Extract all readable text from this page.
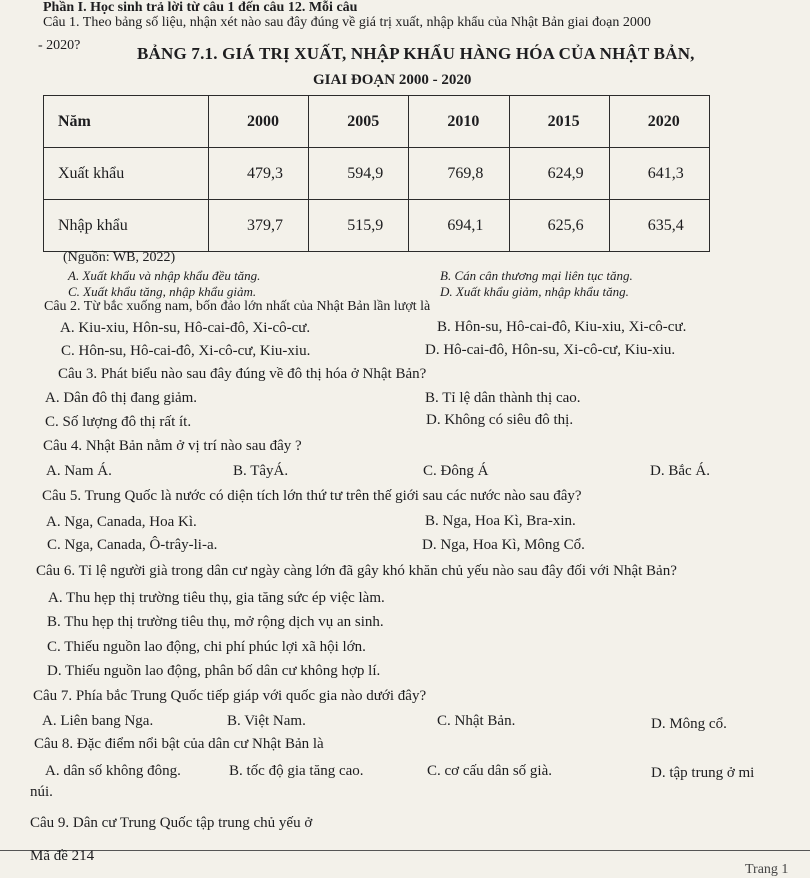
Phần I. Học sinh trả lời từ câu 1 đến câu 12. Mỗi câu
Câu 1. Theo bảng số liệu, nhận xét nào sau đây đúng về giá trị xuất, nhập khẩu của Nhật Bản giai đoạn 2000
- 2020?	BẢNG 7.1. GIÁ TRỊ XUẤT, NHẬP KHẨU HÀNG HÓA CỦA NHẬT BẢN,
GIAI ĐOẠN 2000 - 2020
Năm	2000	2005	2010	2015	2020
Xuất khẩu	479,3	594,9	769,8	624,9	641,3
Nhập khẩu	379,7	515,9	694,1	625,6	635,4
(Nguồn: WB, 2022)
A. Xuất khẩu và nhập khẩu đều tăng.	B. Cán cân thương mại liên tục tăng.
C. Xuất khẩu tăng, nhập khẩu giảm.	D. Xuất khẩu giảm, nhập khẩu tăng.
Câu 2. Từ bắc xuống nam, bốn đảo lớn nhất của Nhật Bản lần lượt là
A. Kiu-xiu, Hôn-su, Hô-cai-đô, Xi-cô-cư.	B. Hôn-su, Hô-cai-đô, Kiu-xiu, Xi-cô-cư.
C. Hôn-su, Hô-cai-đô, Xi-cô-cư, Kiu-xiu.	D. Hô-cai-đô, Hôn-su, Xi-cô-cư, Kiu-xiu.
Câu 3. Phát biểu nào sau đây đúng về đô thị hóa ở Nhật Bản?
A. Dân đô thị đang giảm.	B. Tỉ lệ dân thành thị cao.
C. Số lượng đô thị rất ít.	D. Không có siêu đô thị.
Câu 4. Nhật Bản nằm ở vị trí nào sau đây ?
A. Nam Á.	B. TâyÁ.	C. Đông Á	D. Bắc Á.
Câu 5. Trung Quốc là nước có diện tích lớn thứ tư trên thế giới sau các nước nào sau đây?
A. Nga, Canada, Hoa Kì.	B. Nga, Hoa Kì, Bra-xin.
C. Nga, Canada, Ô-trây-li-a.	D. Nga, Hoa Kì, Mông Cổ.
Câu 6. Tỉ lệ người già trong dân cư ngày càng lớn đã gây khó khăn chủ yếu nào sau đây đối với Nhật Bản?
A. Thu hẹp thị trường tiêu thụ, gia tăng sức ép việc làm.
B. Thu hẹp thị trường tiêu thụ, mở rộng dịch vụ an sinh.
C. Thiếu nguồn lao động, chi phí phúc lợi xã hội lớn.
D. Thiếu nguồn lao động, phân bố dân cư không hợp lí.
Câu 7. Phía bắc Trung Quốc tiếp giáp với quốc gia nào dưới đây?
A. Liên bang Nga.	B. Việt Nam.	C. Nhật Bản.	D. Mông cổ.
Câu 8. Đặc điểm nổi bật của dân cư Nhật Bản là
A. dân số không đông.	B. tốc độ gia tăng cao.	C. cơ cấu dân số già.	D. tập trung ở mi
núi.
Câu 9. Dân cư Trung Quốc tập trung chủ yếu ở
Mã đề 214
Trang 1
